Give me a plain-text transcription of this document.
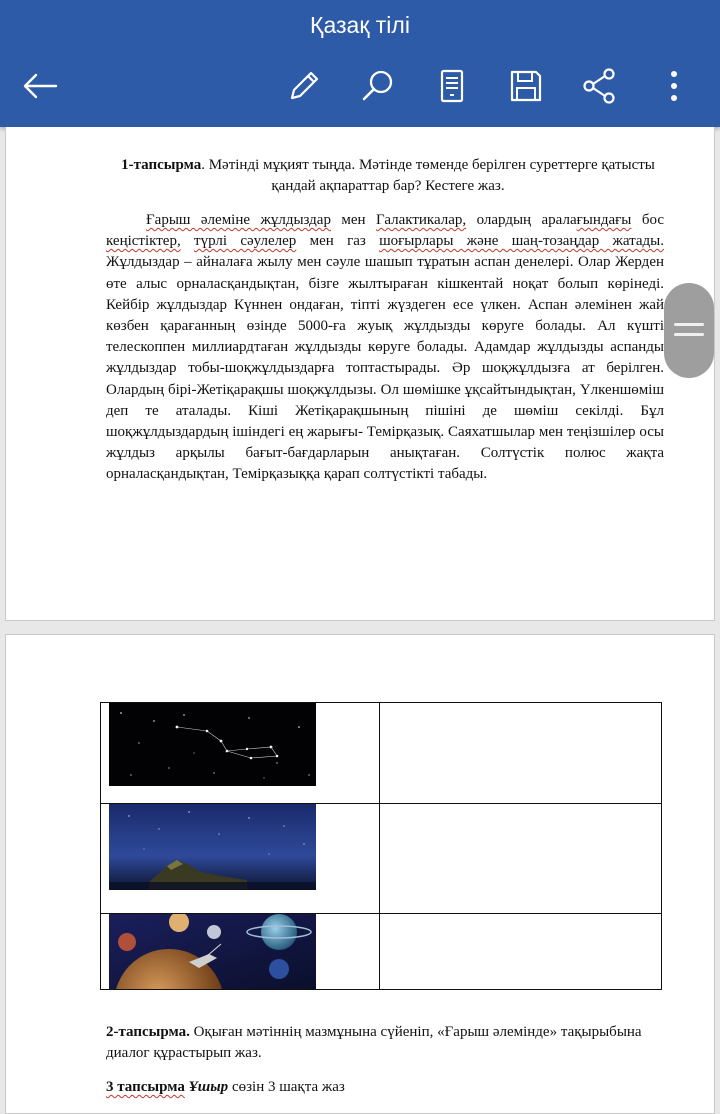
Қазақ тілі
1-тапсырма. Мәтінді мұқият тыңда. Мәтінде төменде берілген суреттерге қатысты қандай ақпараттар бар? Кестеге жаз.
Ғарыш әлеміне жұлдыздар мен Галактикалар, олардың аралағындағы бос кеңістіктер, түрлі сәулелер мен газ шоғырлары және шаң-тозаңдар жатады. Жұлдыздар – айналаға жылу мен сәуле шашып тұратын аспан денелері. Олар Жерден өте алыс орналасқандықтан, бізге жылтыраған кішкентай ноқат болып көрінеді. Кейбір жұлдыздар Күннен ондаған, тіпті жүздеген есе үлкен. Аспан әлемінен жай көзбен қарағанның өзінде 5000-ға жуық жұлдызды көруге болады. Ал күшті телескоппен миллиардтаған жұлдызды көруге болады. Адамдар жұлдызды аспанды жұлдыздар тобы-шоқжұлдыздарға топтастырады. Әр шоқжұлдызға ат берілген. Олардың бірі-Жетіқарақшы шоқжұлдызы. Ол шөмішке ұқсайтындықтан, Үлкеншөміш деп те аталады. Кіші Жетіқарақшының пішіні де шөміш секілді. Бұл шоқжұлдыздардың ішіндегі ең жарығы- Темірқазық. Саяхатшылар мен теңізшілер осы жұлдыз арқылы бағыт-бағдарларын анықтаған. Солтүстік полюс жақта орналасқандықтан, Темірқазыққа қарап солтүстікті табады.

2-тапсырма. Оқыған мәтіннің мазмұнына сүйеніп, «Ғарыш әлемінде» тақырыбына диалог құрастырып жаз.
3 тапсырма Ұшыр сөзін 3 шақта жаз
